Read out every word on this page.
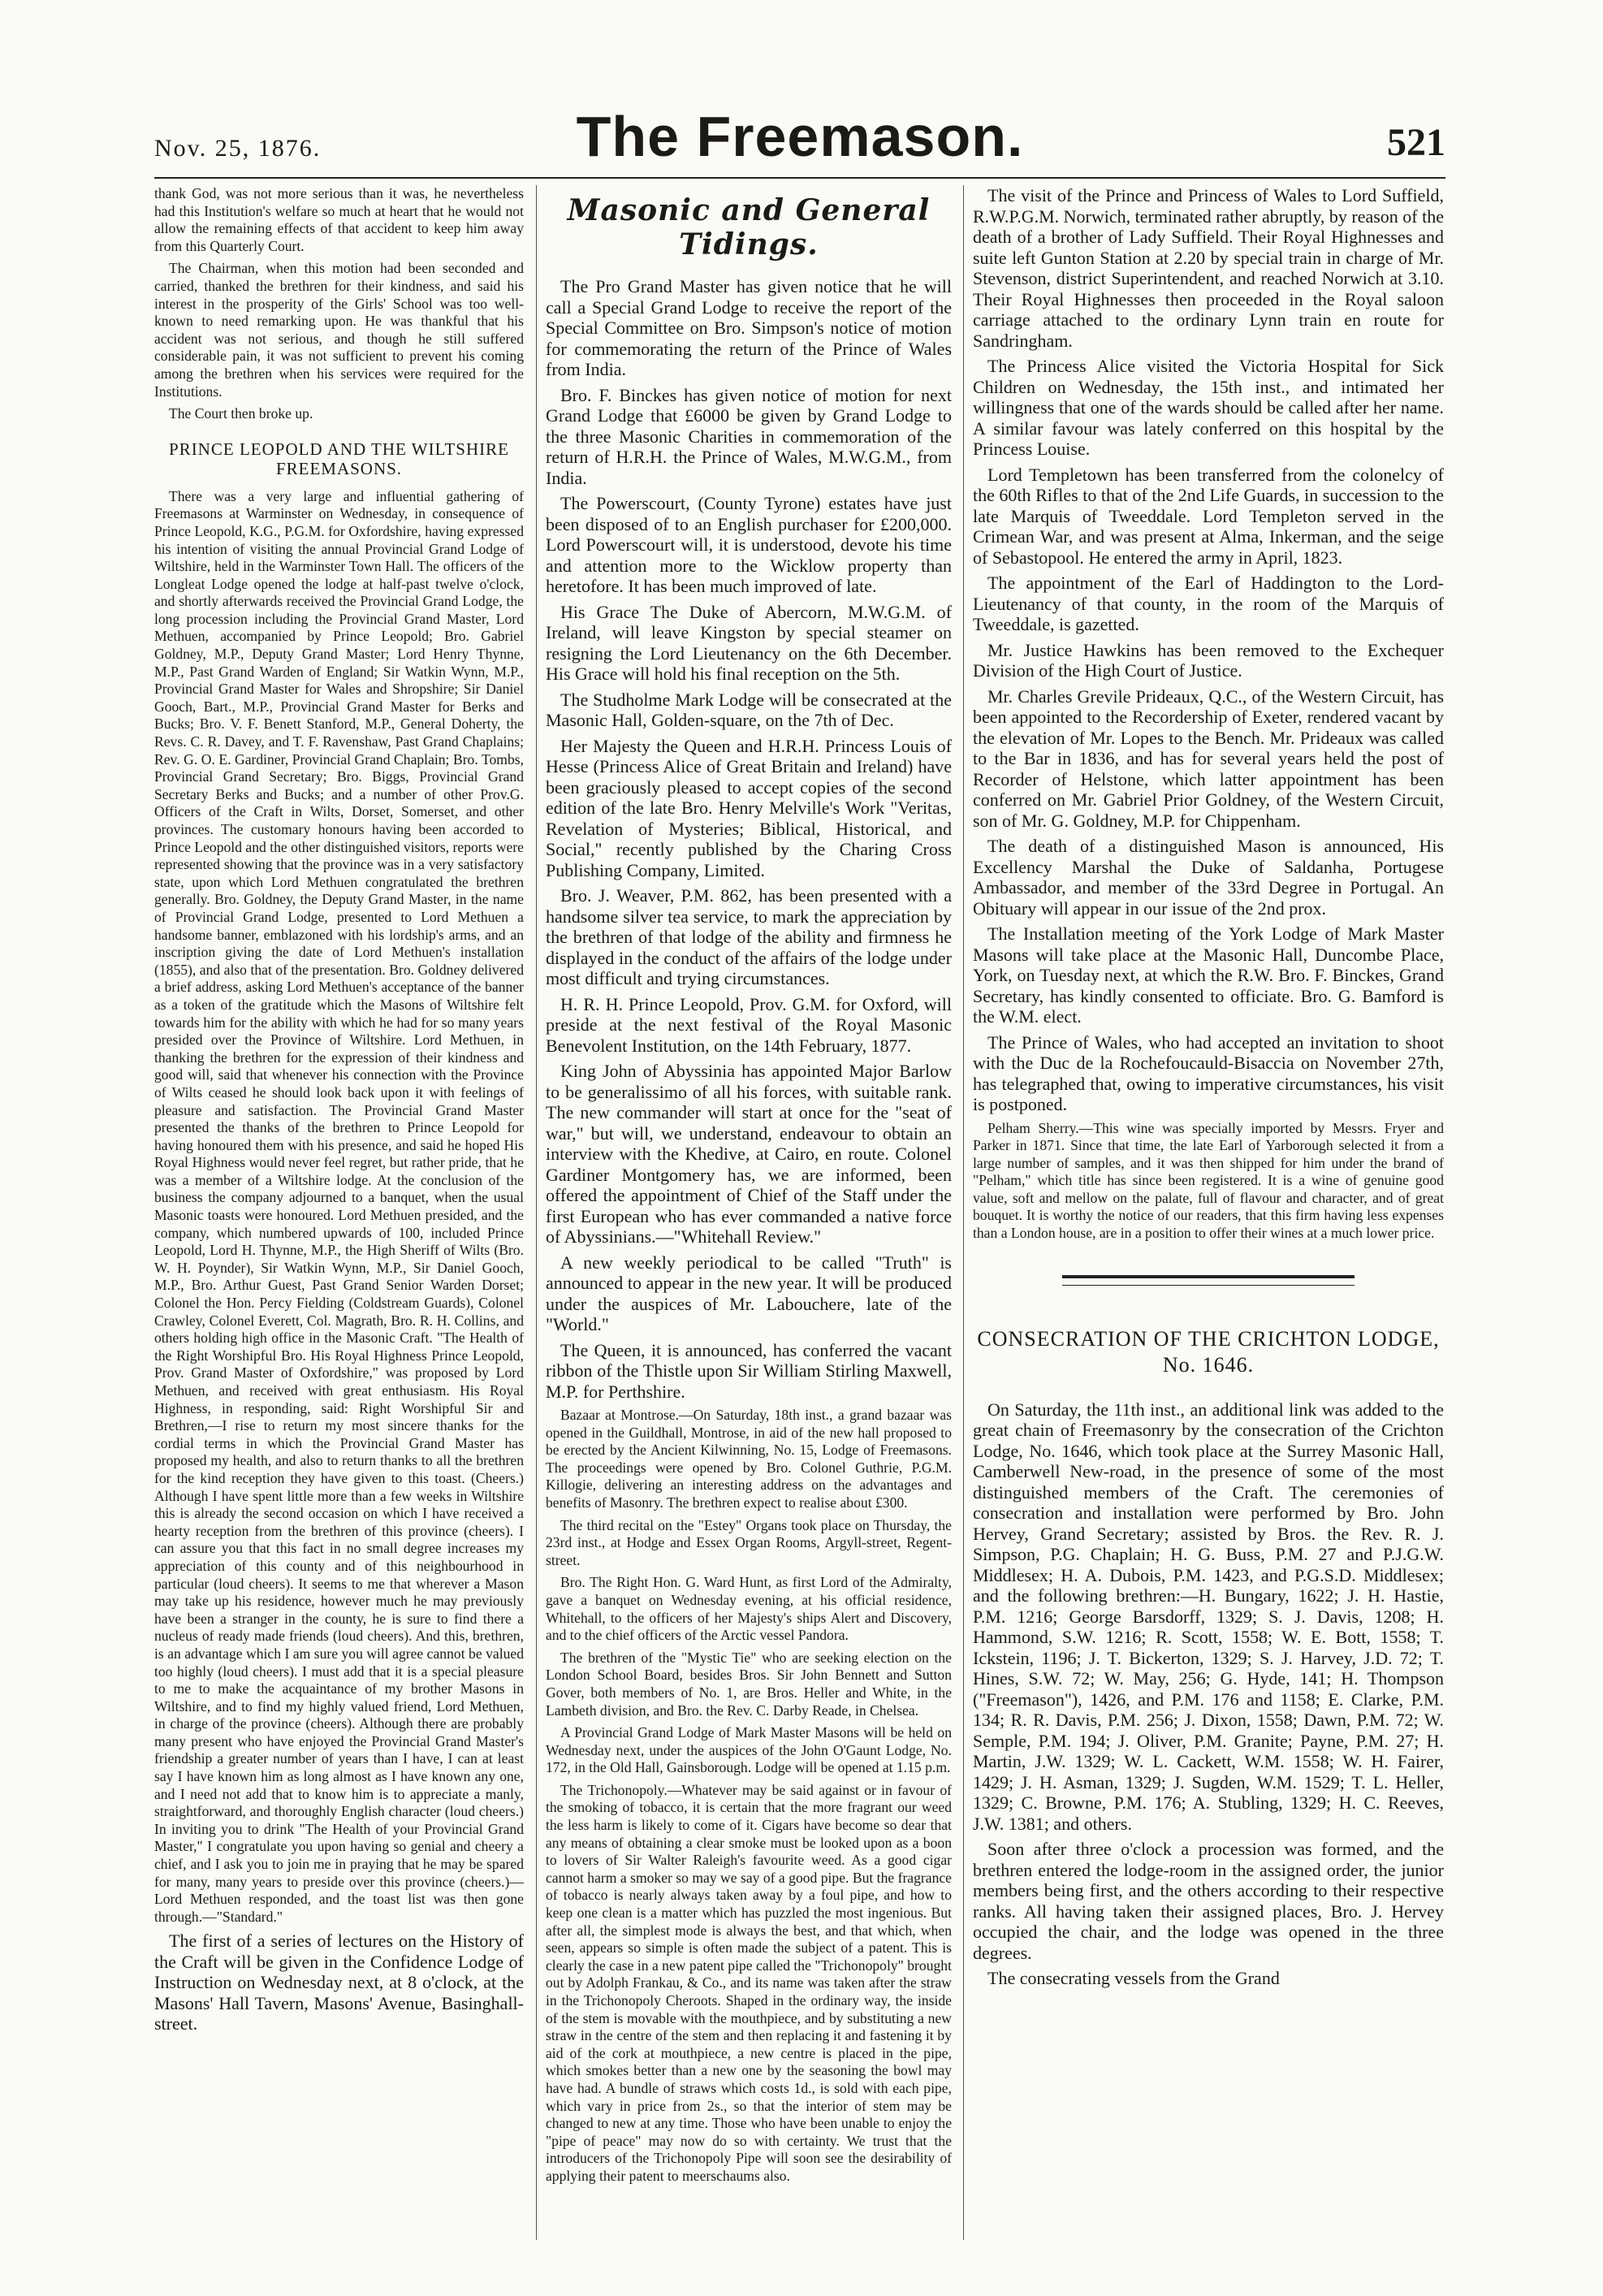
Nov. 25, 1876.	The Freemason.	521

thank God, was not more serious than it was, he nevertheless had this Institution's welfare so much at heart that he would not allow the remaining effects of that accident to keep him away from this Quarterly Court.

The Chairman, when this motion had been seconded and carried, thanked the brethren for their kindness, and said his interest in the prosperity of the Girls' School was too well-known to need remarking upon. He was thankful that his accident was not serious, and though he still suffered considerable pain, it was not sufficient to prevent his coming among the brethren when his services were required for the Institutions.

The Court then broke up.

PRINCE LEOPOLD AND THE WILTSHIRE FREEMASONS.

There was a very large and influential gathering of Freemasons at Warminster on Wednesday, in consequence of Prince Leopold, K.G., P.G.M. for Oxfordshire, having expressed his intention of visiting the annual Provincial Grand Lodge of Wiltshire, held in the Warminster Town Hall. The officers of the Longleat Lodge opened the lodge at half-past twelve o'clock, and shortly afterwards received the Provincial Grand Lodge, the long procession including the Provincial Grand Master, Lord Methuen, accompanied by Prince Leopold; Bro. Gabriel Goldney, M.P., Deputy Grand Master; Lord Henry Thynne, M.P., Past Grand Warden of England; Sir Watkin Wynn, M.P., Provincial Grand Master for Wales and Shropshire; Sir Daniel Gooch, Bart., M.P., Provincial Grand Master for Berks and Bucks; Bro. V. F. Benett Stanford, M.P., General Doherty, the Revs. C. R. Davey, and T. F. Ravenshaw, Past Grand Chaplains; Rev. G. O. E. Gardiner, Provincial Grand Chaplain; Bro. Tombs, Provincial Grand Secretary; Bro. Biggs, Provincial Grand Secretary Berks and Bucks; and a number of other Prov.G. Officers of the Craft in Wilts, Dorset, Somerset, and other provinces. The customary honours having been accorded to Prince Leopold and the other distinguished visitors, reports were represented showing that the province was in a very satisfactory state, upon which Lord Methuen congratulated the brethren generally. Bro. Goldney, the Deputy Grand Master, in the name of Provincial Grand Lodge, presented to Lord Methuen a handsome banner, emblazoned with his lordship's arms, and an inscription giving the date of Lord Methuen's installation (1855), and also that of the presentation. Bro. Goldney delivered a brief address, asking Lord Methuen's acceptance of the banner as a token of the gratitude which the Masons of Wiltshire felt towards him for the ability with which he had for so many years presided over the Province of Wiltshire. Lord Methuen, in thanking the brethren for the expression of their kindness and good will, said that whenever his connection with the Province of Wilts ceased he should look back upon it with feelings of pleasure and satisfaction. The Provincial Grand Master presented the thanks of the brethren to Prince Leopold for having honoured them with his presence, and said he hoped His Royal Highness would never feel regret, but rather pride, that he was a member of a Wiltshire lodge. At the conclusion of the business the company adjourned to a banquet, when the usual Masonic toasts were honoured. Lord Methuen presided, and the company, which numbered upwards of 100, included Prince Leopold, Lord H. Thynne, M.P., the High Sheriff of Wilts (Bro. W. H. Poynder), Sir Watkin Wynn, M.P., Sir Daniel Gooch, M.P., Bro. Arthur Guest, Past Grand Senior Warden Dorset; Colonel the Hon. Percy Fielding (Coldstream Guards), Colonel Crawley, Colonel Everett, Col. Magrath, Bro. R. H. Collins, and others holding high office in the Masonic Craft. "The Health of the Right Worshipful Bro. His Royal Highness Prince Leopold, Prov. Grand Master of Oxfordshire," was proposed by Lord Methuen, and received with great enthusiasm. His Royal Highness, in responding, said: Right Worshipful Sir and Brethren,—I rise to return my most sincere thanks for the cordial terms in which the Provincial Grand Master has proposed my health, and also to return thanks to all the brethren for the kind reception they have given to this toast. (Cheers.) Although I have spent little more than a few weeks in Wiltshire this is already the second occasion on which I have received a hearty reception from the brethren of this province (cheers). I can assure you that this fact in no small degree increases my appreciation of this county and of this neighbourhood in particular (loud cheers). It seems to me that wherever a Mason may take up his residence, however much he may previously have been a stranger in the county, he is sure to find there a nucleus of ready made friends (loud cheers). And this, brethren, is an advantage which I am sure you will agree cannot be valued too highly (loud cheers). I must add that it is a special pleasure to me to make the acquaintance of my brother Masons in Wiltshire, and to find my highly valued friend, Lord Methuen, in charge of the province (cheers). Although there are probably many present who have enjoyed the Provincial Grand Master's friendship a greater number of years than I have, I can at least say I have known him as long almost as I have known any one, and I need not add that to know him is to appreciate a manly, straightforward, and thoroughly English character (loud cheers.) In inviting you to drink "The Health of your Provincial Grand Master," I congratulate you upon having so genial and cheery a chief, and I ask you to join me in praying that he may be spared for many, many years to preside over this province (cheers.)—Lord Methuen responded, and the toast list was then gone through.—"Standard."

The first of a series of lectures on the History of the Craft will be given in the Confidence Lodge of Instruction on Wednesday next, at 8 o'clock, at the Masons' Hall Tavern, Masons' Avenue, Basinghall-street.

Masonic and General Tidings.

The Pro Grand Master has given notice that he will call a Special Grand Lodge to receive the report of the Special Committee on Bro. Simpson's notice of motion for commemorating the return of the Prince of Wales from India.

Bro. F. Binckes has given notice of motion for next Grand Lodge that £6000 be given by Grand Lodge to the three Masonic Charities in commemoration of the return of H.R.H. the Prince of Wales, M.W.G.M., from India.

The Powerscourt, (County Tyrone) estates have just been disposed of to an English purchaser for £200,000. Lord Powerscourt will, it is understood, devote his time and attention more to the Wicklow property than heretofore. It has been much improved of late.

His Grace The Duke of Abercorn, M.W.G.M. of Ireland, will leave Kingston by special steamer on resigning the Lord Lieutenancy on the 6th December. His Grace will hold his final reception on the 5th.

The Studholme Mark Lodge will be consecrated at the Masonic Hall, Golden-square, on the 7th of Dec.

Her Majesty the Queen and H.R.H. Princess Louis of Hesse (Princess Alice of Great Britain and Ireland) have been graciously pleased to accept copies of the second edition of the late Bro. Henry Melville's Work "Veritas, Revelation of Mysteries; Biblical, Historical, and Social," recently published by the Charing Cross Publishing Company, Limited.

Bro. J. Weaver, P.M. 862, has been presented with a handsome silver tea service, to mark the appreciation by the brethren of that lodge of the ability and firmness he displayed in the conduct of the affairs of the lodge under most difficult and trying circumstances.

H. R. H. Prince Leopold, Prov. G.M. for Oxford, will preside at the next festival of the Royal Masonic Benevolent Institution, on the 14th February, 1877.

King John of Abyssinia has appointed Major Barlow to be generalissimo of all his forces, with suitable rank. The new commander will start at once for the "seat of war," but will, we understand, endeavour to obtain an interview with the Khedive, at Cairo, en route. Colonel Gardiner Montgomery has, we are informed, been offered the appointment of Chief of the Staff under the first European who has ever commanded a native force of Abyssinians.—"Whitehall Review."

A new weekly periodical to be called "Truth" is announced to appear in the new year. It will be produced under the auspices of Mr. Labouchere, late of the "World."

The Queen, it is announced, has conferred the vacant ribbon of the Thistle upon Sir William Stirling Maxwell, M.P. for Perthshire.

Bazaar at Montrose.—On Saturday, 18th inst., a grand bazaar was opened in the Guildhall, Montrose, in aid of the new hall proposed to be erected by the Ancient Kilwinning, No. 15, Lodge of Freemasons. The proceedings were opened by Bro. Colonel Guthrie, P.G.M. Killogie, delivering an interesting address on the advantages and benefits of Masonry. The brethren expect to realise about £300.

The third recital on the "Estey" Organs took place on Thursday, the 23rd inst., at Hodge and Essex Organ Rooms, Argyll-street, Regent-street.

Bro. The Right Hon. G. Ward Hunt, as first Lord of the Admiralty, gave a banquet on Wednesday evening, at his official residence, Whitehall, to the officers of her Majesty's ships Alert and Discovery, and to the chief officers of the Arctic vessel Pandora.

The brethren of the "Mystic Tie" who are seeking election on the London School Board, besides Bros. Sir John Bennett and Sutton Gover, both members of No. 1, are Bros. Heller and White, in the Lambeth division, and Bro. the Rev. C. Darby Reade, in Chelsea.

A Provincial Grand Lodge of Mark Master Masons will be held on Wednesday next, under the auspices of the John O'Gaunt Lodge, No. 172, in the Old Hall, Gainsborough. Lodge will be opened at 1.15 p.m.

The Trichonopoly.—Whatever may be said against or in favour of the smoking of tobacco, it is certain that the more fragrant our weed the less harm is likely to come of it. Cigars have become so dear that any means of obtaining a clear smoke must be looked upon as a boon to lovers of Sir Walter Raleigh's favourite weed. As a good cigar cannot harm a smoker so may we say of a good pipe. But the fragrance of tobacco is nearly always taken away by a foul pipe, and how to keep one clean is a matter which has puzzled the most ingenious. But after all, the simplest mode is always the best, and that which, when seen, appears so simple is often made the subject of a patent. This is clearly the case in a new patent pipe called the "Trichonopoly" brought out by Adolph Frankau, & Co., and its name was taken after the straw in the Trichonopoly Cheroots. Shaped in the ordinary way, the inside of the stem is movable with the mouthpiece, and by substituting a new straw in the centre of the stem and then replacing it and fastening it by aid of the cork at mouthpiece, a new centre is placed in the pipe, which smokes better than a new one by the seasoning the bowl may have had. A bundle of straws which costs 1d., is sold with each pipe, which vary in price from 2s., so that the interior of stem may be changed to new at any time. Those who have been unable to enjoy the "pipe of peace" may now do so with certainty. We trust that the introducers of the Trichonopoly Pipe will soon see the desirability of applying their patent to meerschaums also.

The visit of the Prince and Princess of Wales to Lord Suffield, R.W.P.G.M. Norwich, terminated rather abruptly, by reason of the death of a brother of Lady Suffield. Their Royal Highnesses and suite left Gunton Station at 2.20 by special train in charge of Mr. Stevenson, district Superintendent, and reached Norwich at 3.10. Their Royal Highnesses then proceeded in the Royal saloon carriage attached to the ordinary Lynn train en route for Sandringham.

The Princess Alice visited the Victoria Hospital for Sick Children on Wednesday, the 15th inst., and intimated her willingness that one of the wards should be called after her name. A similar favour was lately conferred on this hospital by the Princess Louise.

Lord Templetown has been transferred from the colonelcy of the 60th Rifles to that of the 2nd Life Guards, in succession to the late Marquis of Tweeddale. Lord Templeton served in the Crimean War, and was present at Alma, Inkerman, and the seige of Sebastopool. He entered the army in April, 1823.

The appointment of the Earl of Haddington to the Lord-Lieutenancy of that county, in the room of the Marquis of Tweeddale, is gazetted.

Mr. Justice Hawkins has been removed to the Exchequer Division of the High Court of Justice.

Mr. Charles Grevile Prideaux, Q.C., of the Western Circuit, has been appointed to the Recordership of Exeter, rendered vacant by the elevation of Mr. Lopes to the Bench. Mr. Prideaux was called to the Bar in 1836, and has for several years held the post of Recorder of Helstone, which latter appointment has been conferred on Mr. Gabriel Prior Goldney, of the Western Circuit, son of Mr. G. Goldney, M.P. for Chippenham.

The death of a distinguished Mason is announced, His Excellency Marshal the Duke of Saldanha, Portugese Ambassador, and member of the 33rd Degree in Portugal. An Obituary will appear in our issue of the 2nd prox.

The Installation meeting of the York Lodge of Mark Master Masons will take place at the Masonic Hall, Duncombe Place, York, on Tuesday next, at which the R.W. Bro. F. Binckes, Grand Secretary, has kindly consented to officiate. Bro. G. Bamford is the W.M. elect.

The Prince of Wales, who had accepted an invitation to shoot with the Duc de la Rochefoucauld-Bisaccia on November 27th, has telegraphed that, owing to imperative circumstances, his visit is postponed.

Pelham Sherry.—This wine was specially imported by Messrs. Fryer and Parker in 1871. Since that time, the late Earl of Yarborough selected it from a large number of samples, and it was then shipped for him under the brand of "Pelham," which title has since been registered. It is a wine of genuine good value, soft and mellow on the palate, full of flavour and character, and of great bouquet. It is worthy the notice of our readers, that this firm having less expenses than a London house, are in a position to offer their wines at a much lower price.

CONSECRATION OF THE CRICHTON LODGE, No. 1646.

On Saturday, the 11th inst., an additional link was added to the great chain of Freemasonry by the consecration of the Crichton Lodge, No. 1646, which took place at the Surrey Masonic Hall, Camberwell New-road, in the presence of some of the most distinguished members of the Craft. The ceremonies of consecration and installation were performed by Bro. John Hervey, Grand Secretary; assisted by Bros. the Rev. R. J. Simpson, P.G. Chaplain; H. G. Buss, P.M. 27 and P.J.G.W. Middlesex; H. A. Dubois, P.M. 1423, and P.G.S.D. Middlesex; and the following brethren:—H. Bungary, 1622; J. H. Hastie, P.M. 1216; George Barsdorff, 1329; S. J. Davis, 1208; H. Hammond, S.W. 1216; R. Scott, 1558; W. E. Bott, 1558; T. Ickstein, 1196; J. T. Bickerton, 1329; S. J. Harvey, J.D. 72; T. Hines, S.W. 72; W. May, 256; G. Hyde, 141; H. Thompson ("Freemason"), 1426, and P.M. 176 and 1158; E. Clarke, P.M. 134; R. R. Davis, P.M. 256; J. Dixon, 1558; Dawn, P.M. 72; W. Semple, P.M. 194; J. Oliver, P.M. Granite; Payne, P.M. 27; H. Martin, J.W. 1329; W. L. Cackett, W.M. 1558; W. H. Fairer, 1429; J. H. Asman, 1329; J. Sugden, W.M. 1529; T. L. Heller, 1329; C. Browne, P.M. 176; A. Stubling, 1329; H. C. Reeves, J.W. 1381; and others.

Soon after three o'clock a procession was formed, and the brethren entered the lodge-room in the assigned order, the junior members being first, and the others according to their respective ranks. All having taken their assigned places, Bro. J. Hervey occupied the chair, and the lodge was opened in the three degrees.

The consecrating vessels from the Grand
